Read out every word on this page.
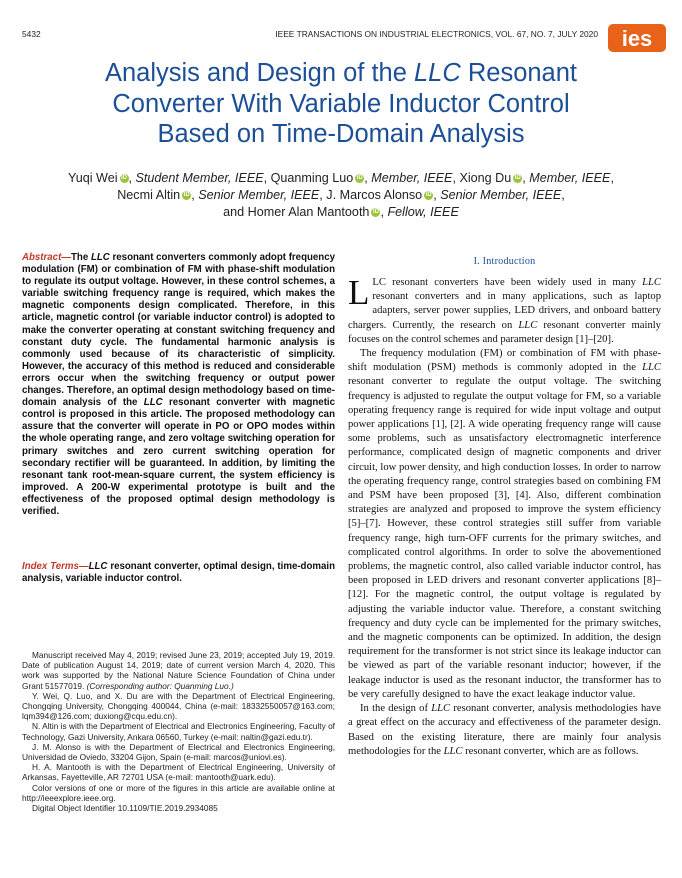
5432	IEEE TRANSACTIONS ON INDUSTRIAL ELECTRONICS, VOL. 67, NO. 7, JULY 2020 ies
Analysis and Design of the LLC Resonant
Converter With Variable Inductor Control
Based on Time-Domain Analysis
Yuqi Wei iD , Student Member, IEEE, Quanming Luo iD , Member, IEEE, Xiong Du iD , Member, IEEE,
Necmi Altin iD , Senior Member, IEEE, J. Marcos Alonso iD , Senior Member, IEEE,
and Homer Alan Mantooth iD , Fellow, IEEE
Abstract—The LLC resonant converters commonly adopt frequency modulation (FM) or combination of FM with phase-shift modulation to regulate its output voltage. However, in these control schemes, a variable switching frequency range is required, which makes the magnetic components design complicated. Therefore, in this article, magnetic control (or variable inductor control) is adopted to make the converter operating at constant switching frequency and constant duty cycle. The fundamental harmonic analysis is commonly used because of its characteristic of simplicity. However, the accuracy of this method is reduced and considerable errors occur when the switching frequency or output power changes. Therefore, an optimal design methodology based on time-domain analysis of the LLC resonant converter with magnetic control is proposed in this article. The proposed methodology can assure that the converter will operate in PO or OPO modes within the whole operating range, and zero voltage switching operation for primary switches and zero current switching operation for secondary rectifier will be guaranteed. In addition, by limiting the resonant tank root-mean-square current, the system efficiency is improved. A 200-W experimental prototype is built and the effectiveness of the proposed optimal design methodology is verified.
Index Terms—LLC resonant converter, optimal design, time-domain analysis, variable inductor control.

Manuscript received May 4, 2019; revised June 23, 2019; accepted July 19, 2019. Date of publication August 14, 2019; date of current version March 4, 2020. This work was supported by the National Nature Science Foundation of China under Grant 51577019. (Corresponding author: Quanming Luo.)

Y. Wei, Q. Luo, and X. Du are with the Department of Electrical Engineering, Chongqing University, Chongqing 400044, China (e-mail: 18332550057@163.com; lqm394@126.com; duxiong@cqu.edu.cn).

N. Altin is with the Department of Electrical and Electronics Engineering, Faculty of Technology, Gazi University, Ankara 06560, Turkey (e-mail: naltin@gazi.edu.tr).

J. M. Alonso is with the Department of Electrical and Electronics Engineering, Universidad de Oviedo, 33204 Gijon, Spain (e-mail: marcos@uniovi.es).

H. A. Mantooth is with the Department of Electrical Engineering, University of Arkansas, Fayetteville, AR 72701 USA (e-mail: mantooth@uark.edu).

Color versions of one or more of the figures in this article are available online at http://ieeexplore.ieee.org.

Digital Object Identifier 10.1109/TIE.2019.2934085

I. Introduction

LLC resonant converters have been widely used in many LLC resonant converters and in many applications, such as laptop adapters, server power supplies, LED drivers, and onboard battery chargers. Currently, the research on LLC resonant converter mainly focuses on the control schemes and parameter design [1]–[20].

The frequency modulation (FM) or combination of FM with phase-shift modulation (PSM) methods is commonly adopted in the LLC resonant converter to regulate the output voltage. The switching frequency is adjusted to regulate the output voltage for FM, so a variable operating frequency range is required for wide input voltage and output power applications [1], [2]. A wide operating frequency range will cause some problems, such as unsatisfactory electromagnetic interference performance, complicated design of magnetic components and driver circuit, low power density, and high conduction losses. In order to narrow the operating frequency range, control strategies based on combining FM and PSM have been proposed [3], [4]. Also, different combination strategies are analyzed and proposed to improve the system efficiency [5]–[7]. However, these control strategies still suffer from variable frequency range, high turn-OFF currents for the primary switches, and complicated control algorithms. In order to solve the abovementioned problems, the magnetic control, also called variable inductor control, has been proposed in LED drivers and resonant converter applications [8]–[12]. For the magnetic control, the output voltage is regulated by adjusting the variable inductor value. Therefore, a constant switching frequency and duty cycle can be implemented for the primary switches, and the magnetic components can be optimized. In addition, the design requirement for the transformer is not strict since its leakage inductor can be viewed as part of the variable resonant inductor; however, if the leakage inductor is used as the resonant inductor, the transformer has to be very carefully designed to have the exact leakage inductor value.

In the design of LLC resonant converter, analysis methodologies have a great effect on the accuracy and effectiveness of the parameter design. Based on the existing literature, there are mainly four analysis methodologies for the LLC resonant converter, which are as follows.
